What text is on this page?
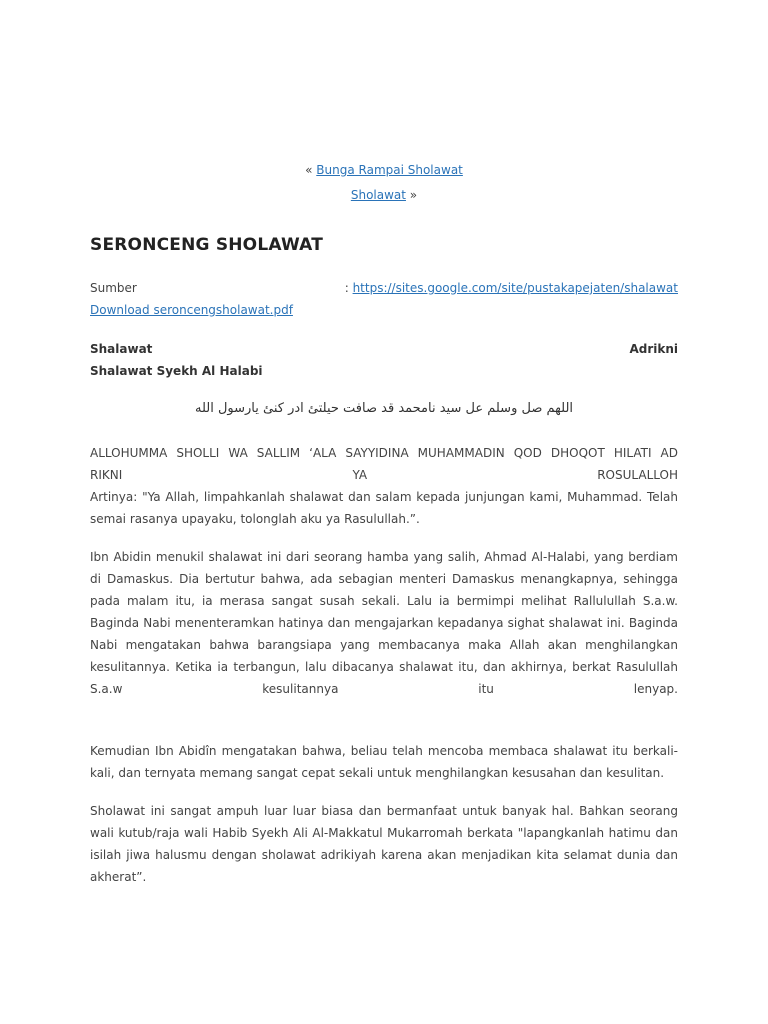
« Bunga Rampai Sholawat
Sholawat »
SERONCENG SHOLAWAT
Sumber	: https://sites.google.com/site/pustakapejaten/shalawat
Download seroncengsholawat.pdf
Shalawat	Adrikni
Shalawat Syekh Al Halabi
اللهم صل وسلم عل سيد نامحمد قد صافت حيلتئ ادر كنئ يارسول الله
ALLOHUMMA SHOLLI WA SALLIM ‘ALA SAYYIDINA MUHAMMADIN QOD DHOQOT HILATI AD
RIKNI	YA	ROSULALLOH

Artinya: "Ya Allah, limpahkanlah shalawat dan salam kepada junjungan kami, Muhammad. Telah semai rasanya upayaku, tolonglah aku ya Rasulullah.”.

Ibn Abidin menukil shalawat ini dari seorang hamba yang salih, Ahmad Al-Halabi, yang berdiam di Damaskus. Dia bertutur bahwa, ada sebagian menteri Damaskus menangkapnya, sehingga pada malam itu, ia merasa sangat susah sekali. Lalu ia bermimpi melihat Rallulullah S.a.w. Baginda Nabi menenteramkan hatinya dan mengajarkan kepadanya sighat shalawat ini. Baginda Nabi mengatakan bahwa barangsiapa yang membacanya maka Allah akan menghilangkan kesulitannya. Ketika ia terbangun, lalu dibacanya shalawat itu, dan akhirnya, berkat Rasulullah

S.a.w	kesulitannya	itu	lenyap.

Kemudian Ibn Abidîn mengatakan bahwa, beliau telah mencoba membaca shalawat itu berkali-kali, dan ternyata memang sangat cepat sekali untuk menghilangkan kesusahan dan kesulitan.

Sholawat ini sangat ampuh luar luar biasa dan bermanfaat untuk banyak hal. Bahkan seorang wali kutub/raja wali Habib Syekh Ali Al-Makkatul Mukarromah berkata "lapangkanlah hatimu dan isilah jiwa halusmu dengan sholawat adrikiyah karena akan menjadikan kita selamat dunia dan akherat”.
